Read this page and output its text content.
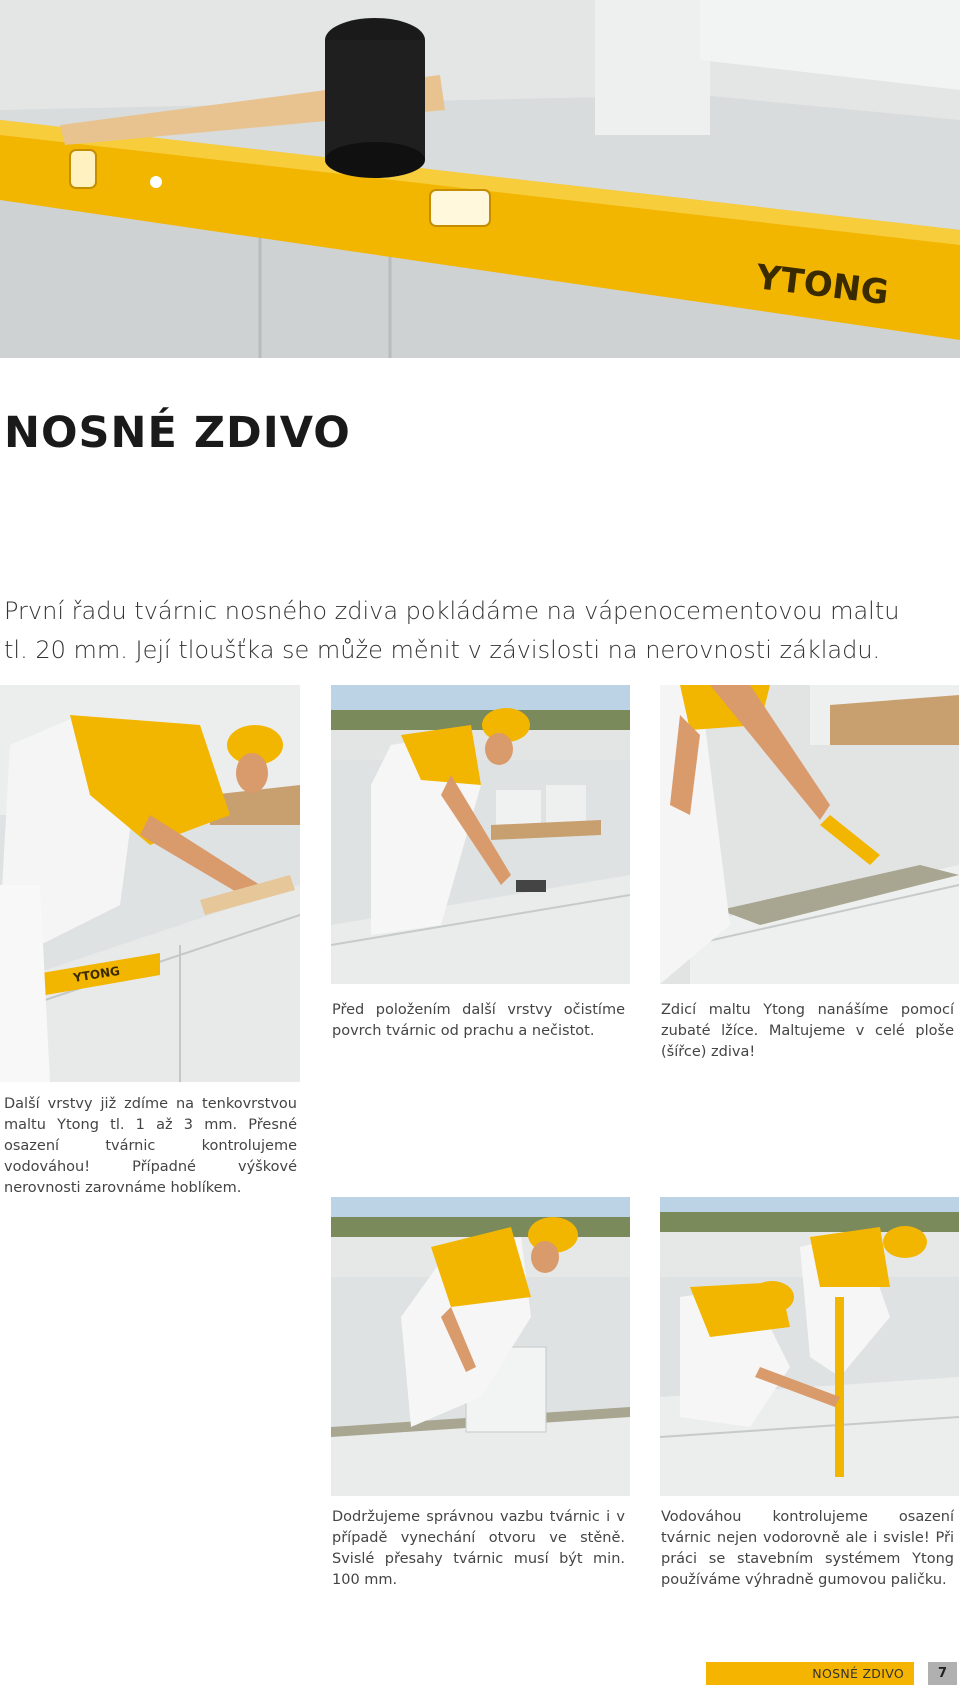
YTONG
NOSNÉ ZDIVO

První řadu tvárnic nosného zdiva pokládáme na vápenocementovou maltu tl. 20 mm. Její tloušťka se může měnit v závislosti na nerovnosti základu.

YTONG

Před položením další vrstvy očistíme povrch tvárnic od prachu a nečistot.

Zdicí maltu Ytong nanášíme pomocí zubaté lžíce. Maltujeme v celé ploše (šířce) zdiva!

Další vrstvy již zdíme na tenkovrstvou maltu Ytong tl. 1 až 3 mm. Přesné osazení tvárnic kontrolujeme vodováhou! Případné výškové nerovnosti zarovnáme hoblíkem.

Dodržujeme správnou vazbu tvárnic i v případě vynechání otvoru ve stěně. Svislé přesahy tvárnic musí být min. 100 mm.

Vodováhou kontrolujeme osazení tvárnic nejen vodorovně ale i svisle! Při práci se stavebním systémem Ytong používáme výhradně gumovou paličku.

NOSNÉ ZDIVO	7
